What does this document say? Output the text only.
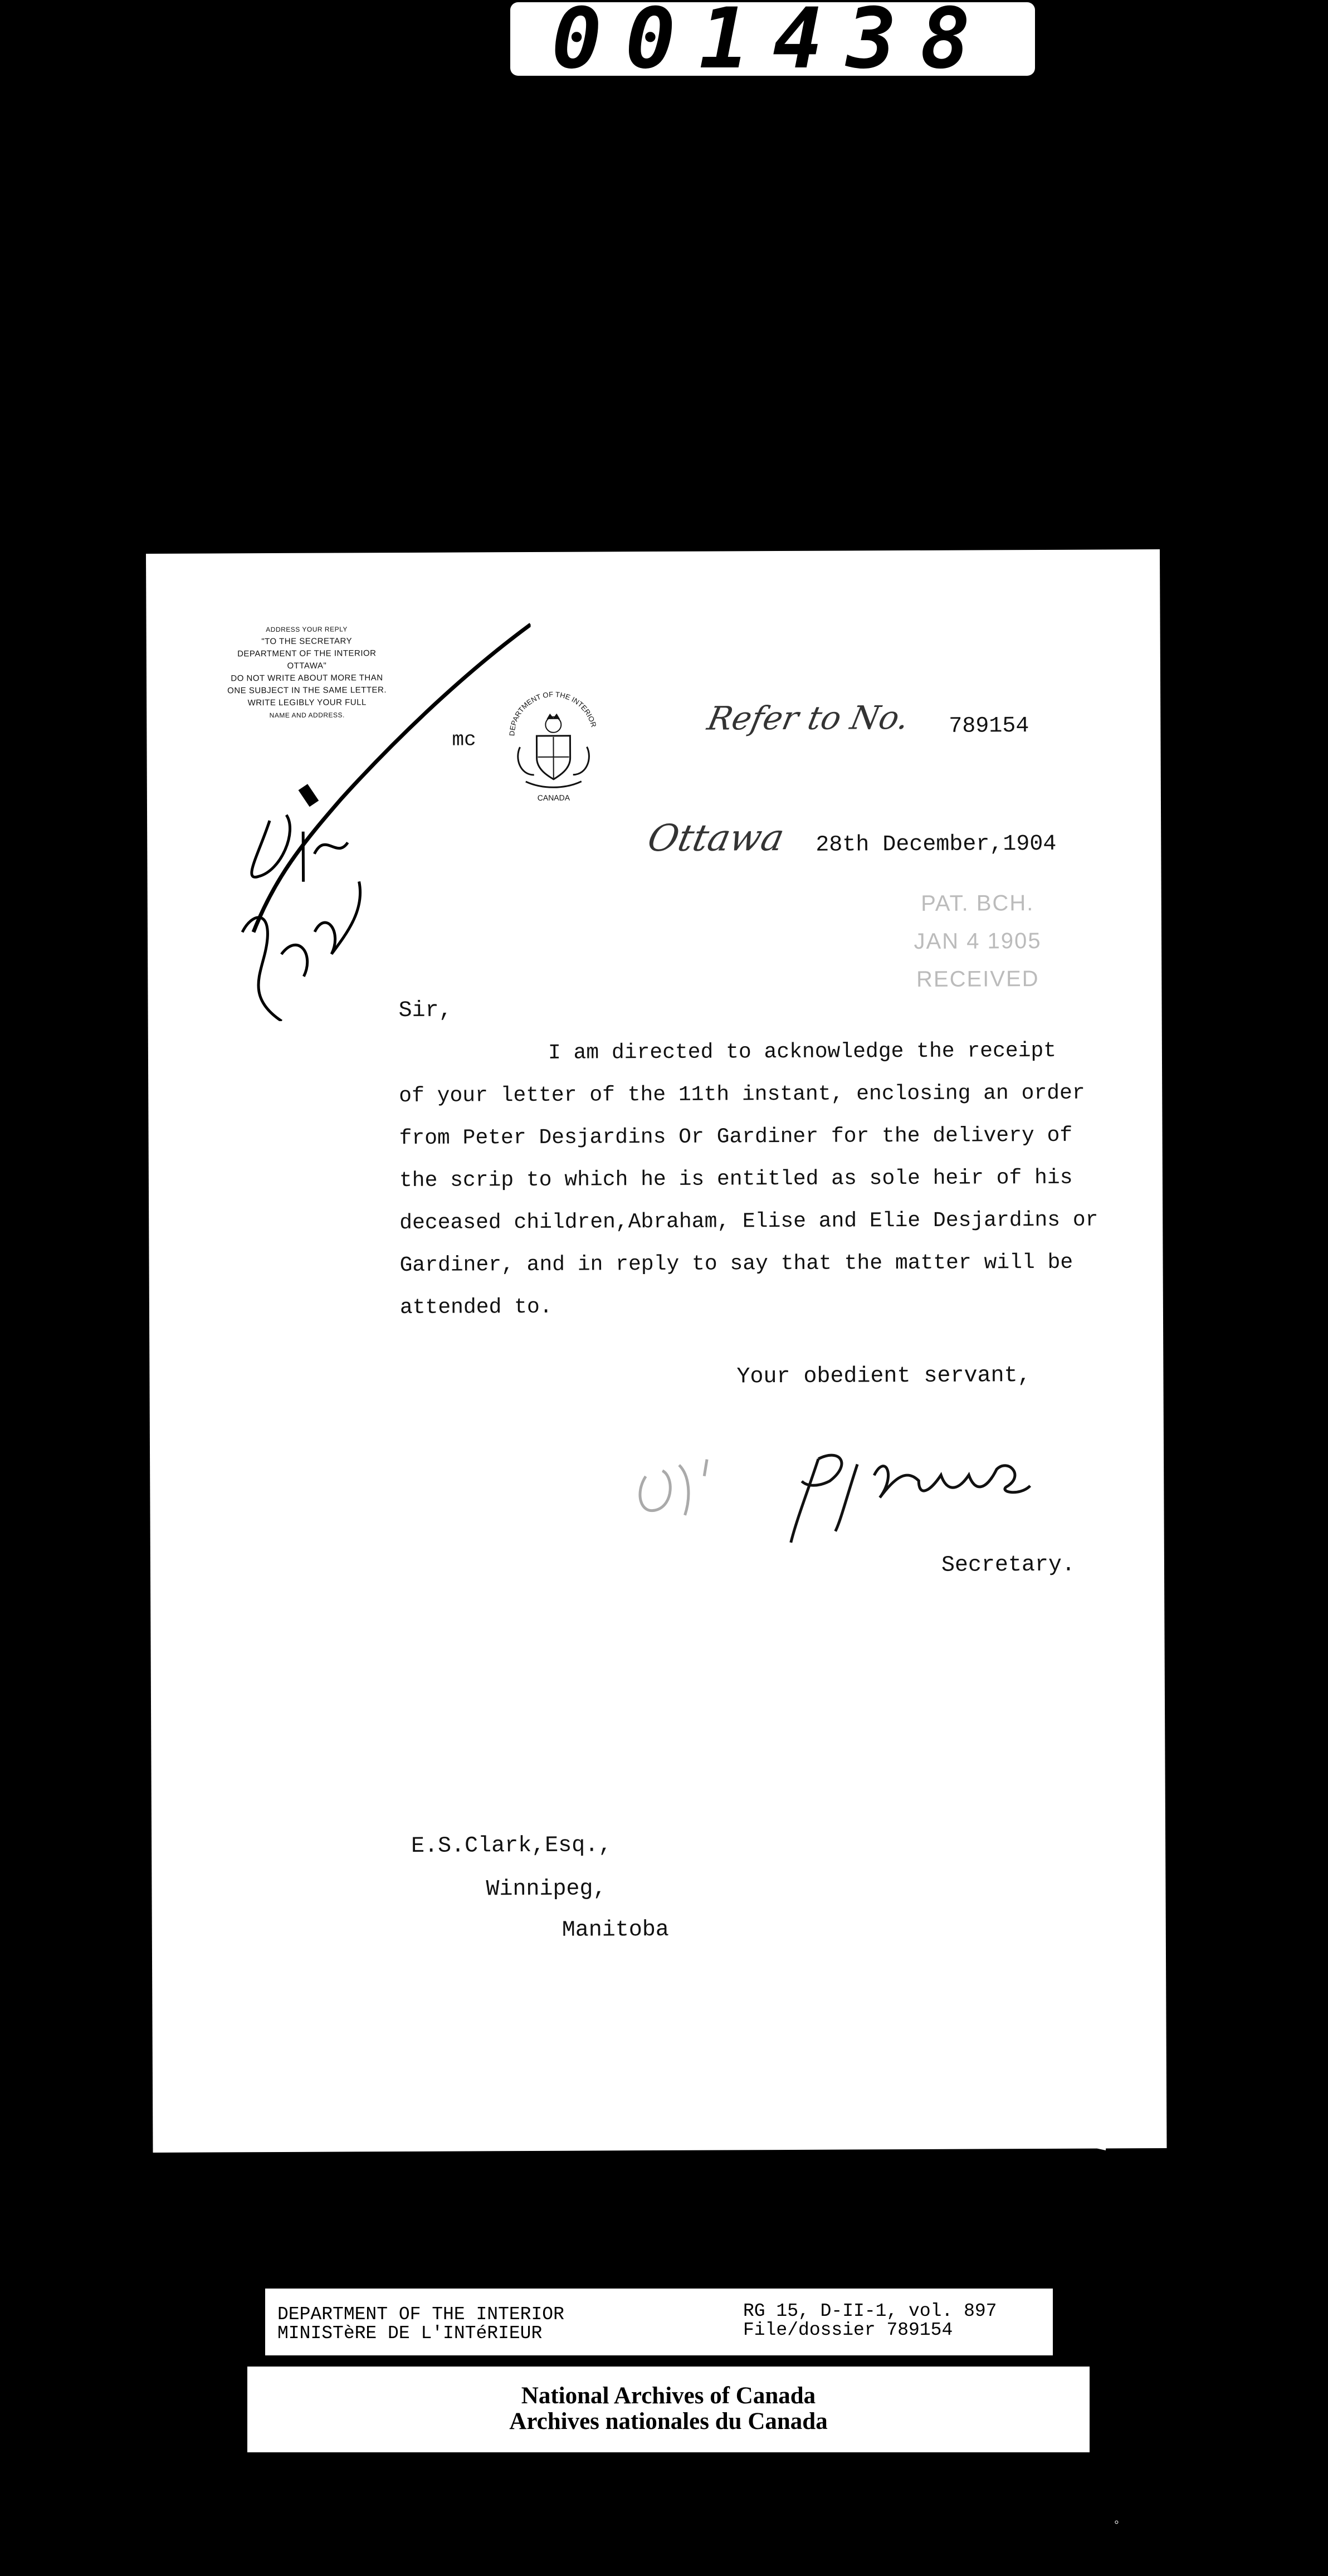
001438
ADDRESS YOUR REPLY
"TO THE SECRETARY
DEPARTMENT OF THE INTERIOR
OTTAWA"
DO NOT WRITE ABOUT MORE THAN
ONE SUBJECT IN THE SAME LETTER.
WRITE LEGIBLY YOUR FULL
NAME AND ADDRESS.
DEPARTMENT OF THE INTERIOR
CANADA
mc
Refer to No. 789154
Ottawa 28th December,1904
PAT. BCH.
JAN 4 1905
RECEIVED
Sir,
I am directed to acknowledge the receipt
of your letter of the 11th instant, enclosing an order
from Peter Desjardins Or Gardiner for the delivery of
the scrip to which he is entitled as sole heir of his
deceased children,Abraham, Elise and Elie Desjardins or
Gardiner, and in reply to say that the matter will be
attended to.
Your obedient servant,
Secretary.
E.S.Clark,Esq.,
Winnipeg,
Manitoba
DEPARTMENT OF THE INTERIOR
MINISTèRE DE L'INTéRIEUR
RG 15, D-II-1, vol. 897
File/dossier 789154
National Archives of Canada
Archives nationales du Canada
°
